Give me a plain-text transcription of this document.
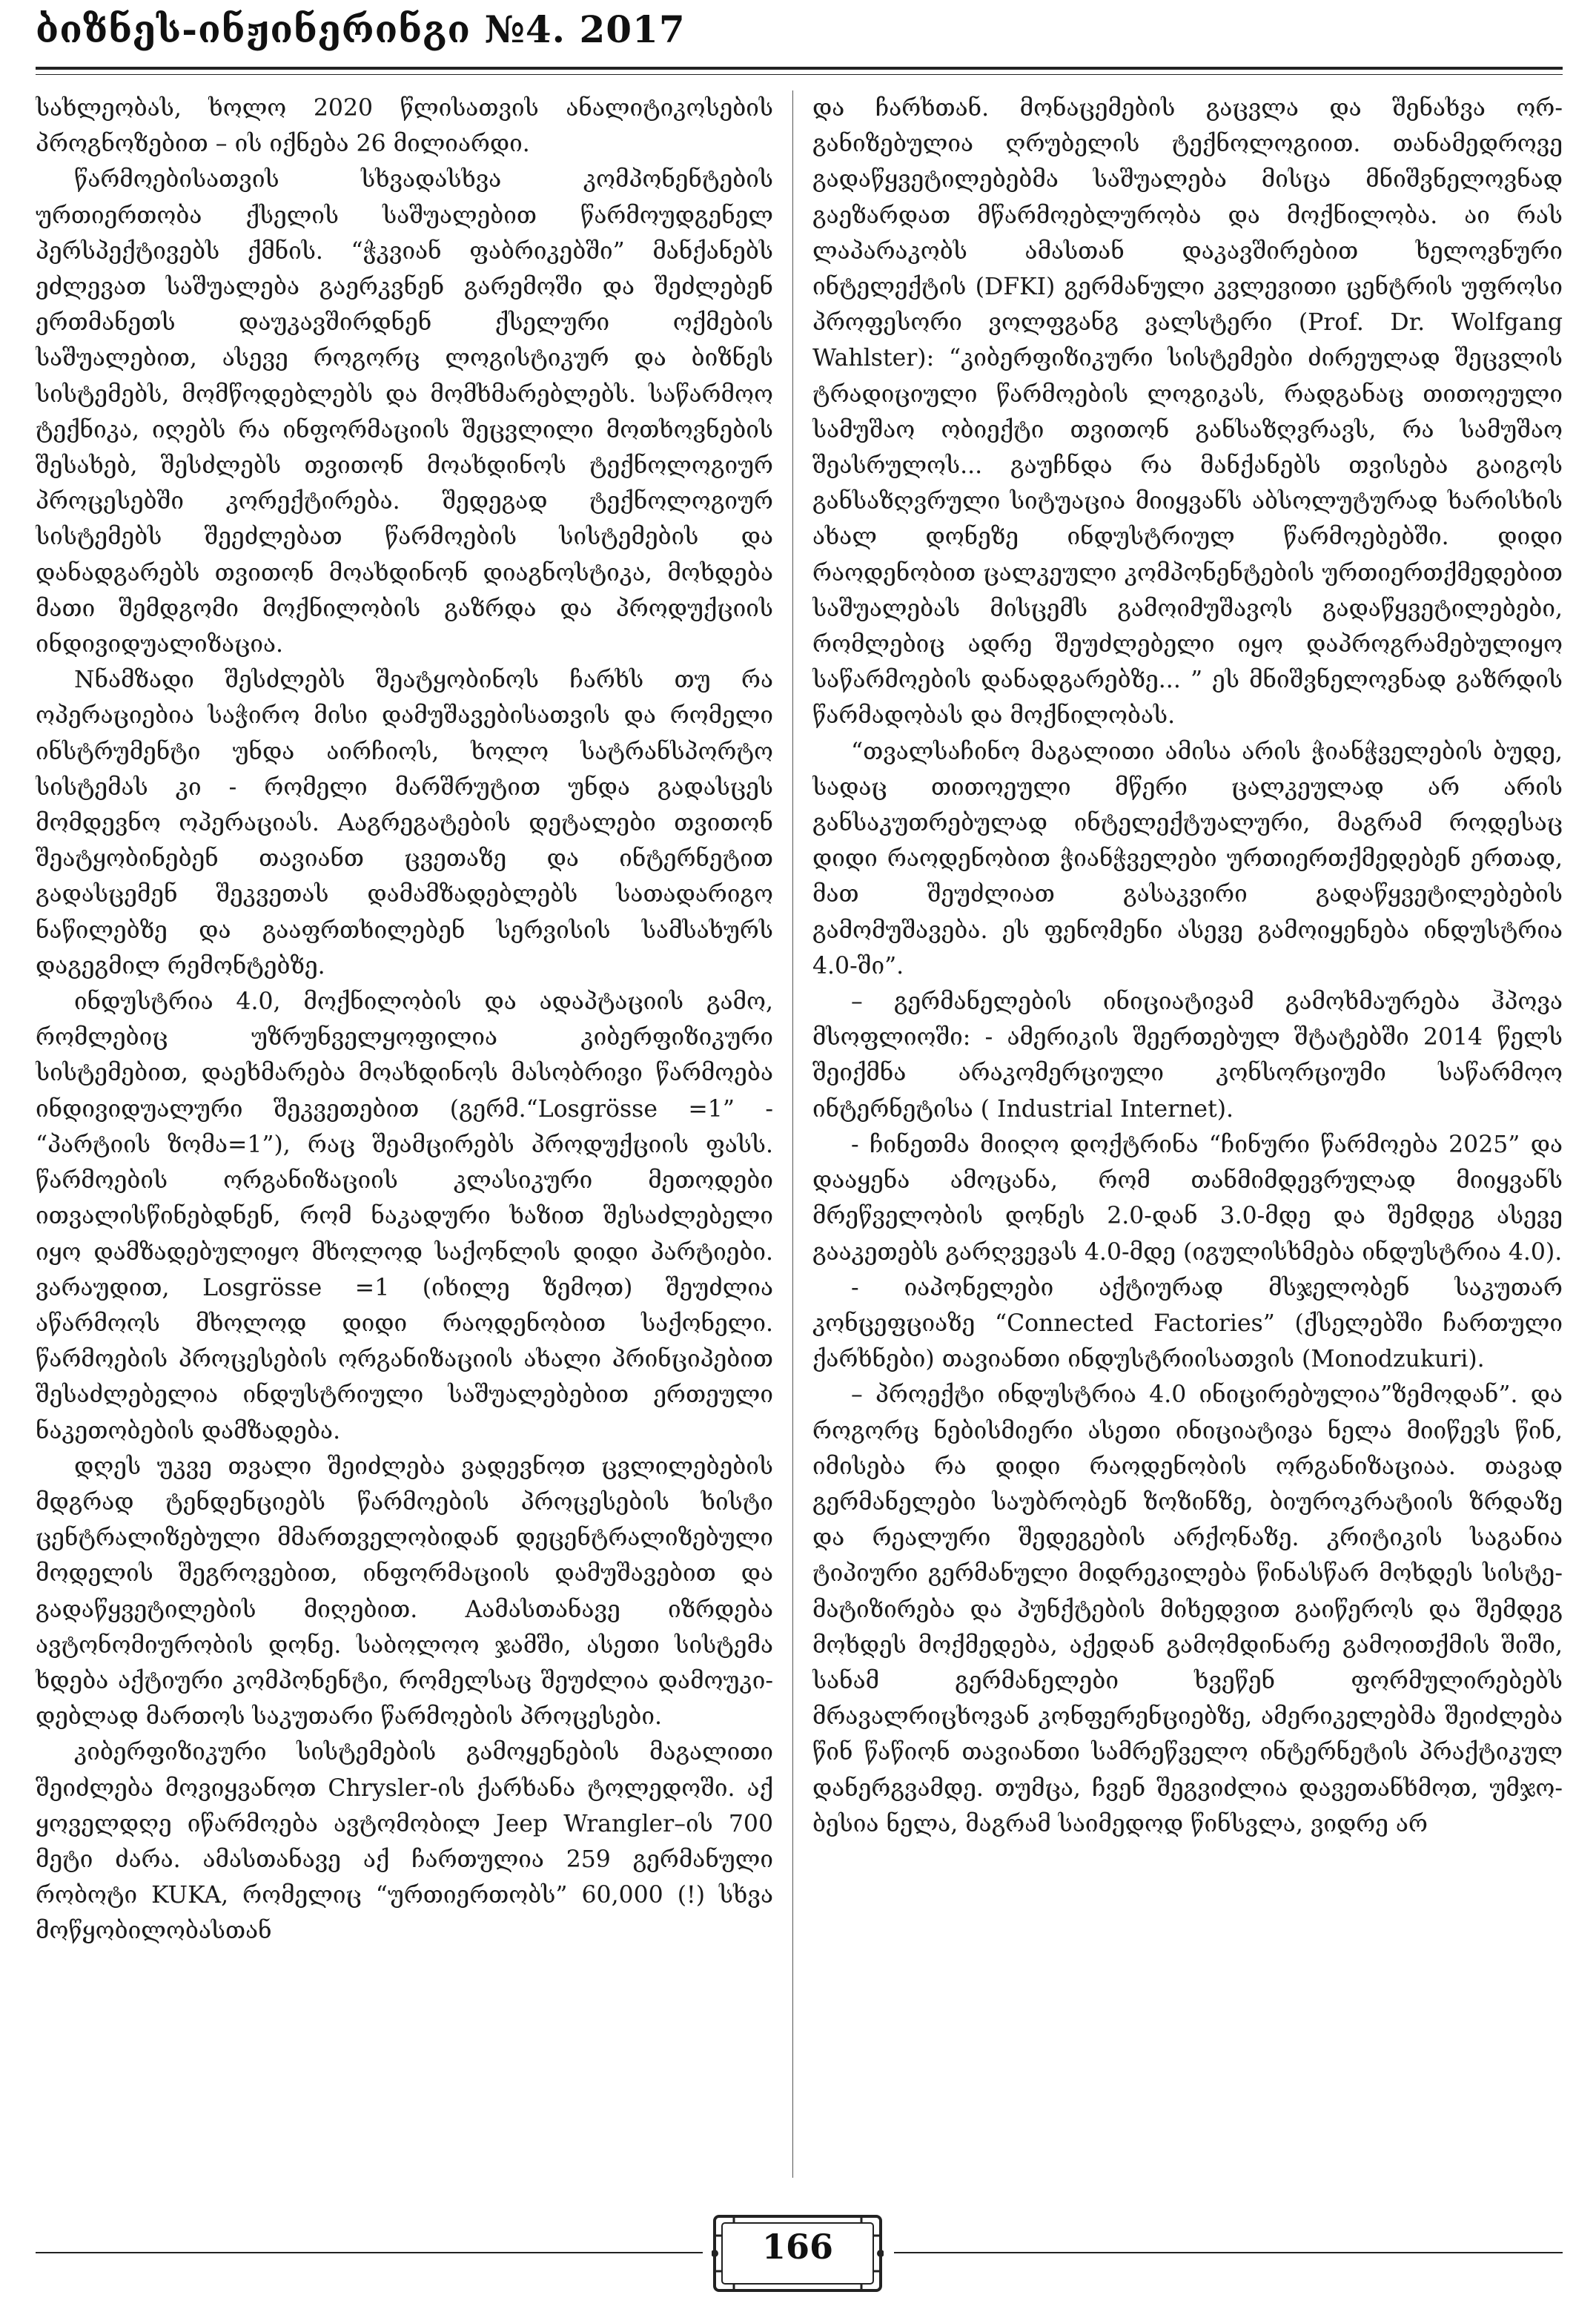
ბიზნეს-ინჟინერინგი №4. 2017

სახლეობას, ხოლო 2020 წლისათვის ანალიტიკოსების პროგნოზებით – ის იქნება 26 მილიარდი.

წარმოებისათვის სხვადასხვა კომპონენტების ურთიერთობა ქსელის საშუალებით წარმოუდგენელ პერსპექტივებს ქმნის. “ჭკვიან ფაბრიკებში” მანქანებს ეძლევათ საშუალება გაერკვნენ გარემოში და შეძლებენ ერთმანეთს დაუკავშირდნენ ქსელური ოქმების საშუალებით, ასევე როგორც ლოგისტიკურ და ბიზნეს სისტემებს, მომწოდებლებს და მომხმარებლებს. საწარმოო ტექნიკა, იღებს რა ინფორმაციის შეცვლილი მოთხოვნების შესახებ, შესძლებს თვითონ მოახდინოს ტექნოლოგიურ პროცესებში კორექტირება. შედეგად ტექნოლოგიურ სისტემებს შეეძლებათ წარმოების სისტემების და დანადგარებს თვითონ მოახდინონ დიაგნოსტიკა, მოხდება მათი შემდგომი მოქნილობის გაზრდა და პროდუქციის ინდივიდუალიზაცია.

Nნამზადი შესძლებს შეატყობინოს ჩარხს თუ რა ოპერაციებია საჭირო მისი დამუშავებისათვის და რომელი ინსტრუმენტი უნდა აირჩიოს, ხოლო სატრანსპორტო სისტემას კი - რომელი მარშრუტით უნდა გადასცეს მომდევნო ოპერაციას. Aაგრეგატების დეტალები თვითონ შეატყობინებენ თავიანთ ცვეთაზე და ინტერნეტით გადასცემენ შეკვეთას დამამზადებლებს სათადარიგო ნაწილებზე და გააფრთხილებენ სერვისის სამსახურს დაგეგმილ რემონტებზე.

ინდუსტრია 4.0, მოქნილობის და ადაპტაციის გამო, რომლებიც უზრუნველყოფილია კიბერფიზიკური სისტემებით, დაეხმარება მოახდინოს მასობრივი წარმოება ინდივიდუალური შეკვეთებით (გერმ.“Losgrösse =1” - “პარტიის ზომა=1”), რაც შეამცირებს პროდუქციის ფასს. წარმოების ორგანიზაციის კლასიკური მეთოდები ითვალისწინებდნენ, რომ ნაკადური ხაზით შესაძლებელი იყო დამზადებულიყო მხოლოდ საქონლის დიდი პარტიები. ვარაუდით, Losgrösse =1 (იხილე ზემოთ) შეუძლია აწარმოოს მხოლოდ დიდი რაოდენობით საქონელი. წარმოების პროცესების ორგანიზაციის ახალი პრინციპებით შესაძლებელია ინდუსტრიული საშუალებებით ერთეული ნაკეთობების დამზადება.

დღეს უკვე თვალი შეიძლება ვადევნოთ ცვლილებების მდგრად ტენდენციებს წარმოების პროცესების ხისტი ცენტრალიზებული მმართველობიდან დეცენტრალიზებული მოდელის შეგროვებით, ინფორმაციის დამუშავებით და გადაწყვეტილების მიღებით. Aამასთანავე იზრდება ავტონომიურობის დონე. საბოლოო ჯამში, ასეთი სისტემა ხდება აქტიური კომპონენტი, რომელსაც შეუძლია დამოუკიდებლად მართოს საკუთარი წარმოების პროცესები.

კიბერფიზიკური სისტემების გამოყენების მაგალითი შეიძლება მოვიყვანოთ Chrysler-ის ქარხანა ტოლედოში. აქ ყოველდღე იწარმოება ავტომობილ Jeep Wrangler–ის 700 მეტი ძარა. ამასთანავე აქ ჩართულია 259 გერმანული რობოტი KUKA, რომელიც “ურთიერთობს” 60,000 (!) სხვა მოწყობილობასთან

და ჩარხთან. მონაცემების გაცვლა და შენახვა ორგანიზებულია ღრუბელის ტექნოლოგიით. თანამედროვე გადაწყვეტილებებმა საშუალება მისცა მნიშვნელოვნად გაეზარდათ მწარმოებლურობა და მოქნილობა. აი რას ლაპარაკობს ამასთან დაკავშირებით ხელოვნური ინტელექტის (DFKI) გერმანული კვლევითი ცენტრის უფროსი პროფესორი ვოლფგანგ ვალსტერი (Prof. Dr. Wolfgang Wahlster): “კიბერფიზიკური სისტემები ძირეულად შეცვლის ტრადიციული წარმოების ლოგიკას, რადგანაც თითოეული სამუშაო ობიექტი თვითონ განსაზღვრავს, რა სამუშაო შეასრულოს... გაუჩნდა რა მანქანებს თვისება გაიგოს განსაზღვრული სიტუაცია მიიყვანს აბსოლუტურად ხარისხის ახალ დონეზე ინდუსტრიულ წარმოებებში. დიდი რაოდენობით ცალკეული კომპონენტების ურთიერთქმედებით საშუალებას მისცემს გამოიმუშავოს გადაწყვეტილებები, რომლებიც ადრე შეუძლებელი იყო დაპროგრამებულიყო საწარმოების დანადგარებზე... ” ეს მნიშვნელოვნად გაზრდის წარმადობას და მოქნილობას.

“თვალსაჩინო მაგალითი ამისა არის ჭიანჭველების ბუდე, სადაც თითოეული მწერი ცალკეულად არ არის განსაკუთრებულად ინტელექტუალური, მაგრამ როდესაც დიდი რაოდენობით ჭიანჭველები ურთიერთქმედებენ ერთად, მათ შეუძლიათ გასაკვირი გადაწყვეტილებების გამომუშავება. ეს ფენომენი ასევე გამოიყენება ინდუსტრია 4.0-ში”.

– გერმანელების ინიციატივამ გამოხმაურება ჰპოვა მსოფლიოში: - ამერიკის შეერთებულ შტატებში 2014 წელს შეიქმნა არაკომერციული კონსორციუმი საწარმოო ინტერნეტისა ( Industrial Internet).

- ჩინეთმა მიიღო დოქტრინა “ჩინური წარმოება 2025” და დააყენა ამოცანა, რომ თანმიმდევრულად მიიყვანს მრეწველობის დონეს 2.0-დან 3.0-მდე და შემდეგ ასევე გააკეთებს გარღვევას 4.0-მდე (იგულისხმება ინდუსტრია 4.0).

- იაპონელები აქტიურად მსჯელობენ საკუთარ კონცეფციაზე “Connected Factories” (ქსელებში ჩართული ქარხნები) თავიანთი ინდუსტრიისათვის (Monodzukuri).

– პროექტი ინდუსტრია 4.0 ინიცირებულია”ზემოდან”. და როგორც ნებისმიერი ასეთი ინიციატივა ნელა მიიწევს წინ, იმისება რა დიდი რაოდენობის ორგანიზაციაა. თავად გერმანელები საუბრობენ ზოზინზე, ბიუროკრატიის ზრდაზე და რეალური შედეგების არქონაზე. კრიტიკის საგანია ტიპიური გერმანული მიდრეკილება წინასწარ მოხდეს სისტემატიზირება და პუნქტების მიხედვით გაიწეროს და შემდეგ მოხდეს მოქმედება, აქედან გამომდინარე გამოითქმის შიში, სანამ გერმანელები ხვეწენ ფორმულირებებს მრავალრიცხოვან კონფერენციებზე, ამერიკელებმა შეიძლება წინ წაწიონ თავიანთი სამრეწველო ინტერნეტის პრაქტიკულ დანერგვამდე. თუმცა, ჩვენ შეგვიძლია დავეთანხმოთ, უმჯობესია ნელა, მაგრამ საიმედოდ წინსვლა, ვიდრე არ

166
